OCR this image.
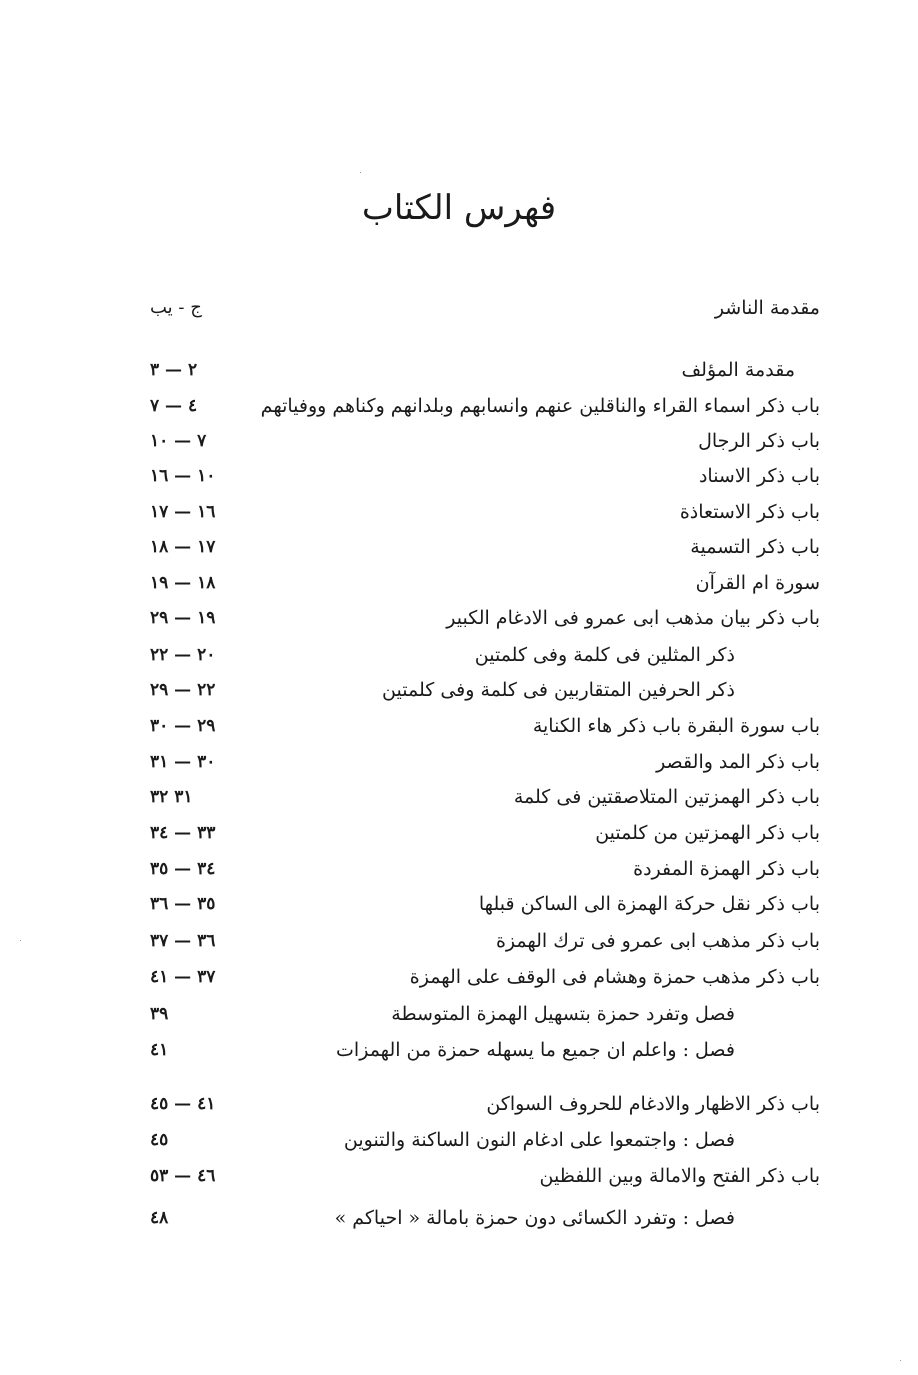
فهرس الكتاب
مقدمة الناشر
ج - يب
مقدمة المؤلف
٢ — ٣
باب ذكر اسماء القراء والناقلين عنهم وانسابهم وبلدانهم وكناهم ووفياتهم
٤ — ٧
باب ذكر الرجال
٧ — ١٠
باب ذكر الاسناد
١٠ — ١٦
باب ذكر الاستعاذة
١٦ — ١٧
باب ذكر التسمية
١٧ — ١٨
سورة ام القرآن
١٨ — ١٩
باب ذكر بيان مذهب ابى عمرو فى الادغام الكبير
١٩ — ٢٩
ذكر المثلين فى كلمة وفى كلمتين
٢٠ — ٢٢
ذكر الحرفين المتقاربين فى كلمة وفى كلمتين
٢٢ — ٢٩
باب سورة البقرة باب ذكر هاء الكناية
٢٩ — ٣٠
باب ذكر المد والقصر
٣٠ — ٣١
باب ذكر الهمزتين المتلاصقتين فى كلمة
٣١ ٣٢
باب ذكر الهمزتين من كلمتين
٣٣ — ٣٤
باب ذكر الهمزة المفردة
٣٤ — ٣٥
باب ذكر نقل حركة الهمزة الى الساكن قبلها
٣٥ — ٣٦
باب ذكر مذهب ابى عمرو فى ترك الهمزة
٣٦ — ٣٧
باب ذكر مذهب حمزة وهشام فى الوقف على الهمزة
٣٧ — ٤١
فصل وتفرد حمزة بتسهيل الهمزة المتوسطة
٣٩
فصل : واعلم ان جميع ما يسهله حمزة من الهمزات
٤١
باب ذكر الاظهار والادغام للحروف السواكن
٤١ — ٤٥
فصل : واجتمعوا على ادغام النون الساكنة والتنوين
٤٥
باب ذكر الفتح والامالة وبين اللفظين
٤٦ — ٥٣
فصل : وتفرد الكسائى دون حمزة بامالة « احياكم »
٤٨
